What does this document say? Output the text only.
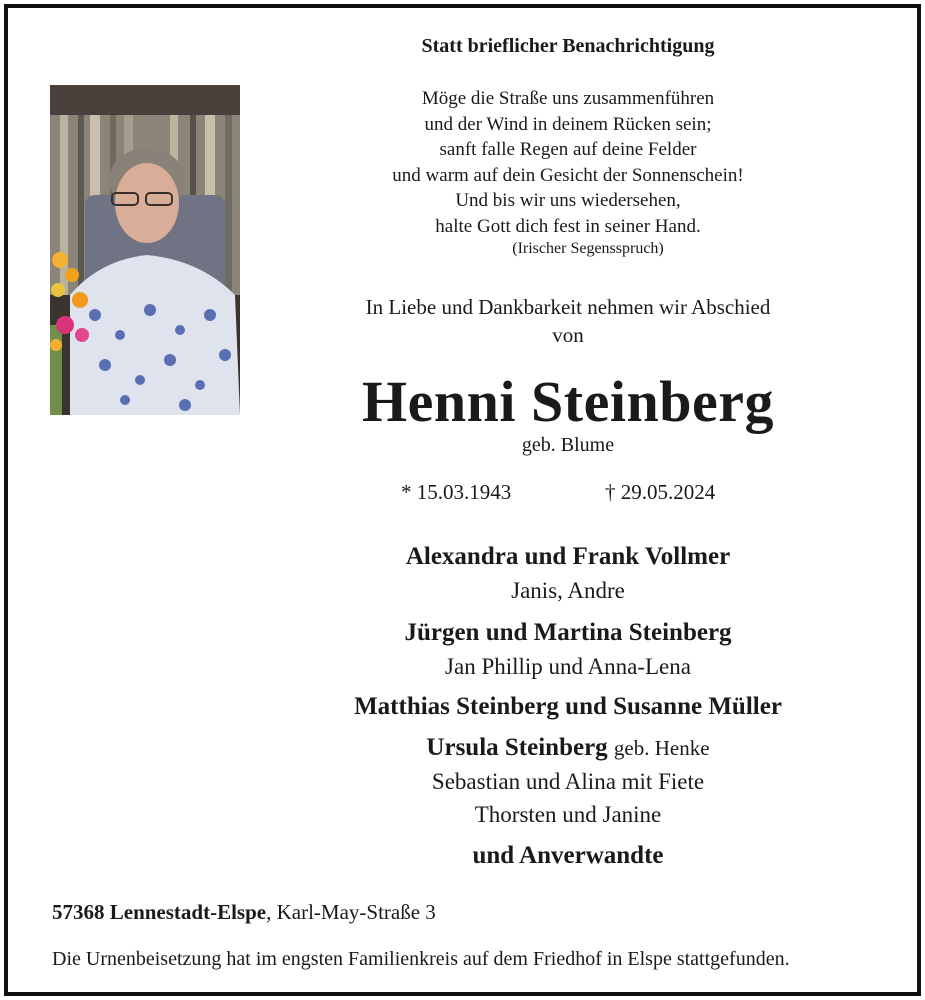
Statt brieflicher Benachrichtigung
Möge die Straße uns zusammenführen
und der Wind in deinem Rücken sein;
sanft falle Regen auf deine Felder
und warm auf dein Gesicht der Sonnenschein!
Und bis wir uns wiedersehen,
halte Gott dich fest in seiner Hand.
(Irischer Segensspruch)
In Liebe und Dankbarkeit nehmen wir Abschied
von
Henni Steinberg
geb. Blume
* 15.03.1943	† 29.05.2024
Alexandra und Frank Vollmer
Janis, Andre
Jürgen und Martina Steinberg
Jan Phillip und Anna-Lena
Matthias Steinberg und Susanne Müller
Ursula Steinberg geb. Henke
Sebastian und Alina mit Fiete
Thorsten und Janine
und Anverwandte
57368 Lennestadt-Elspe, Karl-May-Straße 3
Die Urnenbeisetzung hat im engsten Familienkreis auf dem Friedhof in Elspe stattgefunden.
